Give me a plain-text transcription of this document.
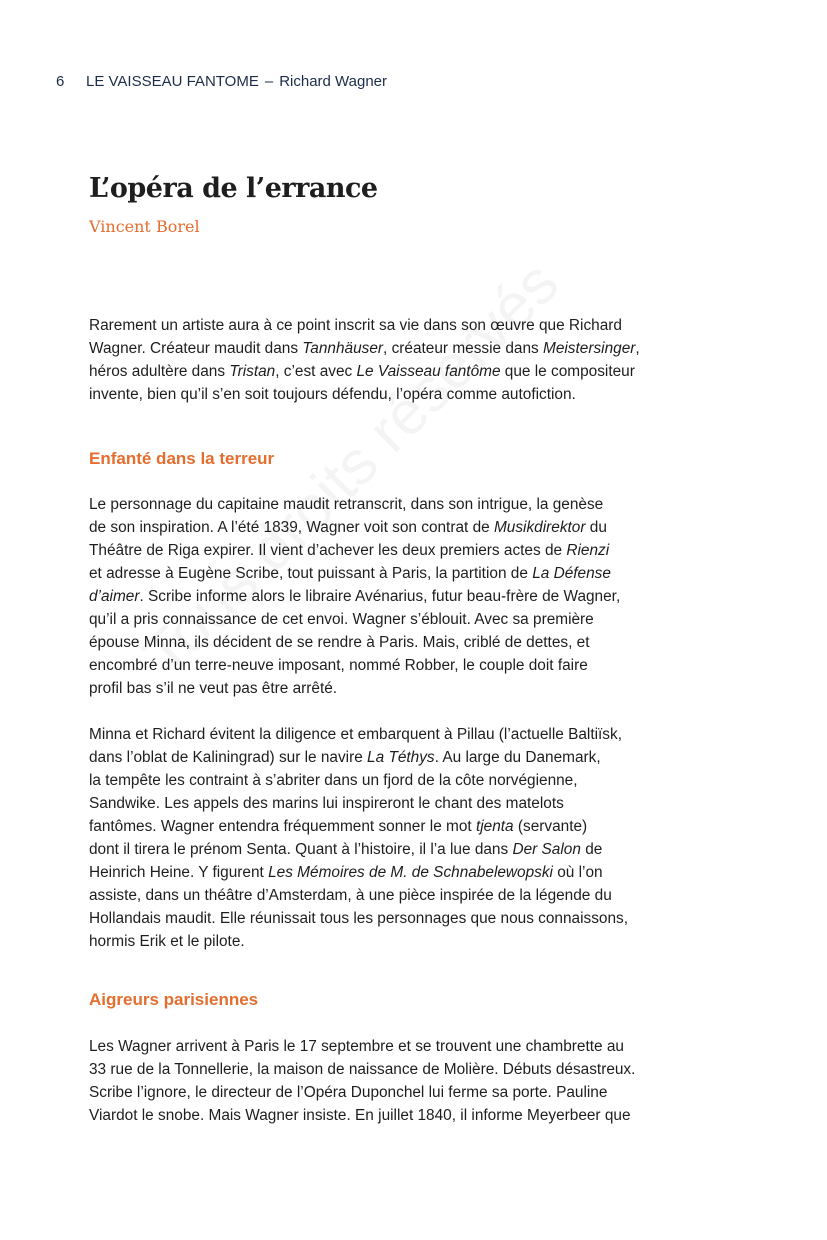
6 LE VAISSEAU FANTOME – Richard Wagner
L’opéra de l’errance
Vincent Borel

Rarement un artiste aura à ce point inscrit sa vie dans son œuvre que Richard
Wagner. Créateur maudit dans Tannhäuser, créateur messie dans Meistersinger,
héros adultère dans Tristan, c’est avec Le Vaisseau fantôme que le compositeur
invente, bien qu’il s’en soit toujours défendu, l’opéra comme autofiction.

Enfanté dans la terreur

Le personnage du capitaine maudit retranscrit, dans son intrigue, la genèse
de son inspiration. A l’été 1839, Wagner voit son contrat de Musikdirektor du
Théâtre de Riga expirer. Il vient d’achever les deux premiers actes de Rienzi
et adresse à Eugène Scribe, tout puissant à Paris, la partition de La Défense
d’aimer. Scribe informe alors le libraire Avénarius, futur beau-frère de Wagner,
qu’il a pris connaissance de cet envoi. Wagner s’éblouit. Avec sa première
épouse Minna, ils décident de se rendre à Paris. Mais, criblé de dettes, et
encombré d’un terre-neuve imposant, nommé Robber, le couple doit faire
profil bas s’il ne veut pas être arrêté.

Minna et Richard évitent la diligence et embarquent à Pillau (l’actuelle Baltiïsk,
dans l’oblat de Kaliningrad) sur le navire La Téthys. Au large du Danemark,
la tempête les contraint à s’abriter dans un fjord de la côte norvégienne,
Sandwike. Les appels des marins lui inspireront le chant des matelots
fantômes. Wagner entendra fréquemment sonner le mot tjenta (servante)
dont il tirera le prénom Senta. Quant à l’histoire, il l’a lue dans Der Salon de
Heinrich Heine. Y figurent Les Mémoires de M. de Schnabelewopski où l’on
assiste, dans un théâtre d’Amsterdam, à une pièce inspirée de la légende du
Hollandais maudit. Elle réunissait tous les personnages que nous connaissons,
hormis Erik et le pilote.

Aigreurs parisiennes

Les Wagner arrivent à Paris le 17 septembre et se trouvent une chambrette au
33 rue de la Tonnellerie, la maison de naissance de Molière. Débuts désastreux.
Scribe l’ignore, le directeur de l’Opéra Duponchel lui ferme sa porte. Pauline
Viardot le snobe. Mais Wagner insiste. En juillet 1840, il informe Meyerbeer que
